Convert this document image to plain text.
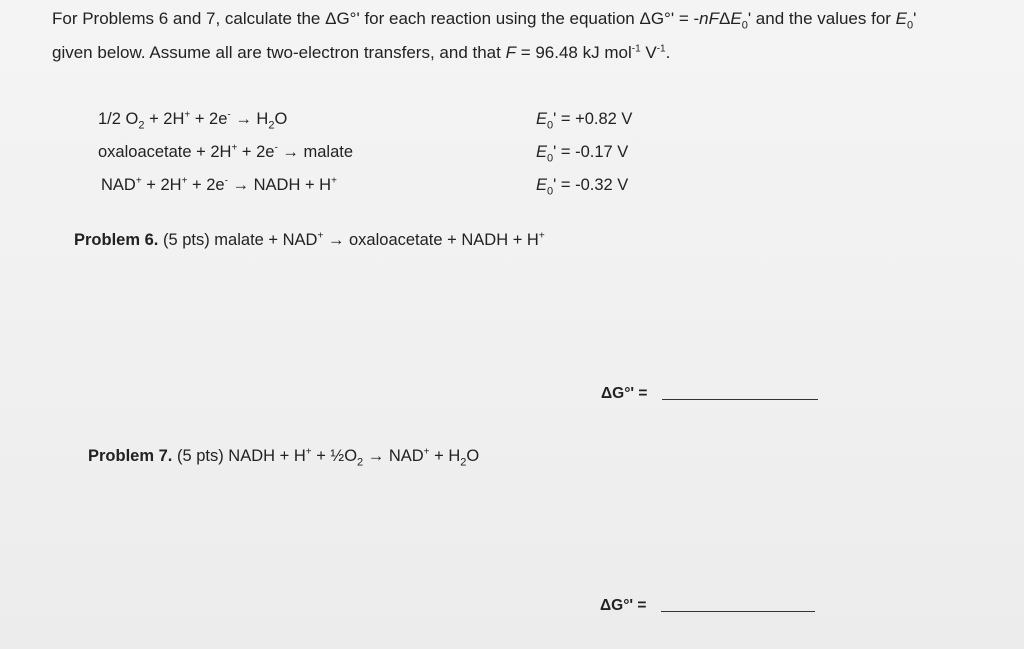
For Problems 6 and 7, calculate the ΔG°' for each reaction using the equation ΔG°' = -nFΔE$_0$' and the values for $E_0'$
given below. Assume all are two-electron transfers, and that F = 96.48 kJ mol$^{-1}$ $V^{-1}$.
1/2 $O_2 + 2H^+ + 2e^- \to H_2O$	$E_0' = +0.82$ V
oxaloacetate + 2H+ + 2e- → malate	$E_0' = -0.17$ V
NAD+ + 2H+ + 2e- → NADH + H+	$E_0' = -0.32$ V
Problem 6. (5 pts) malate + NAD+ → oxaloacetate + NADH + H+
ΔG°' =
Problem 7. (5 pts) NADH + $H^+ + \frac{1}{2}O_2 \to NAD^+ + H_2O$
ΔG°' =
